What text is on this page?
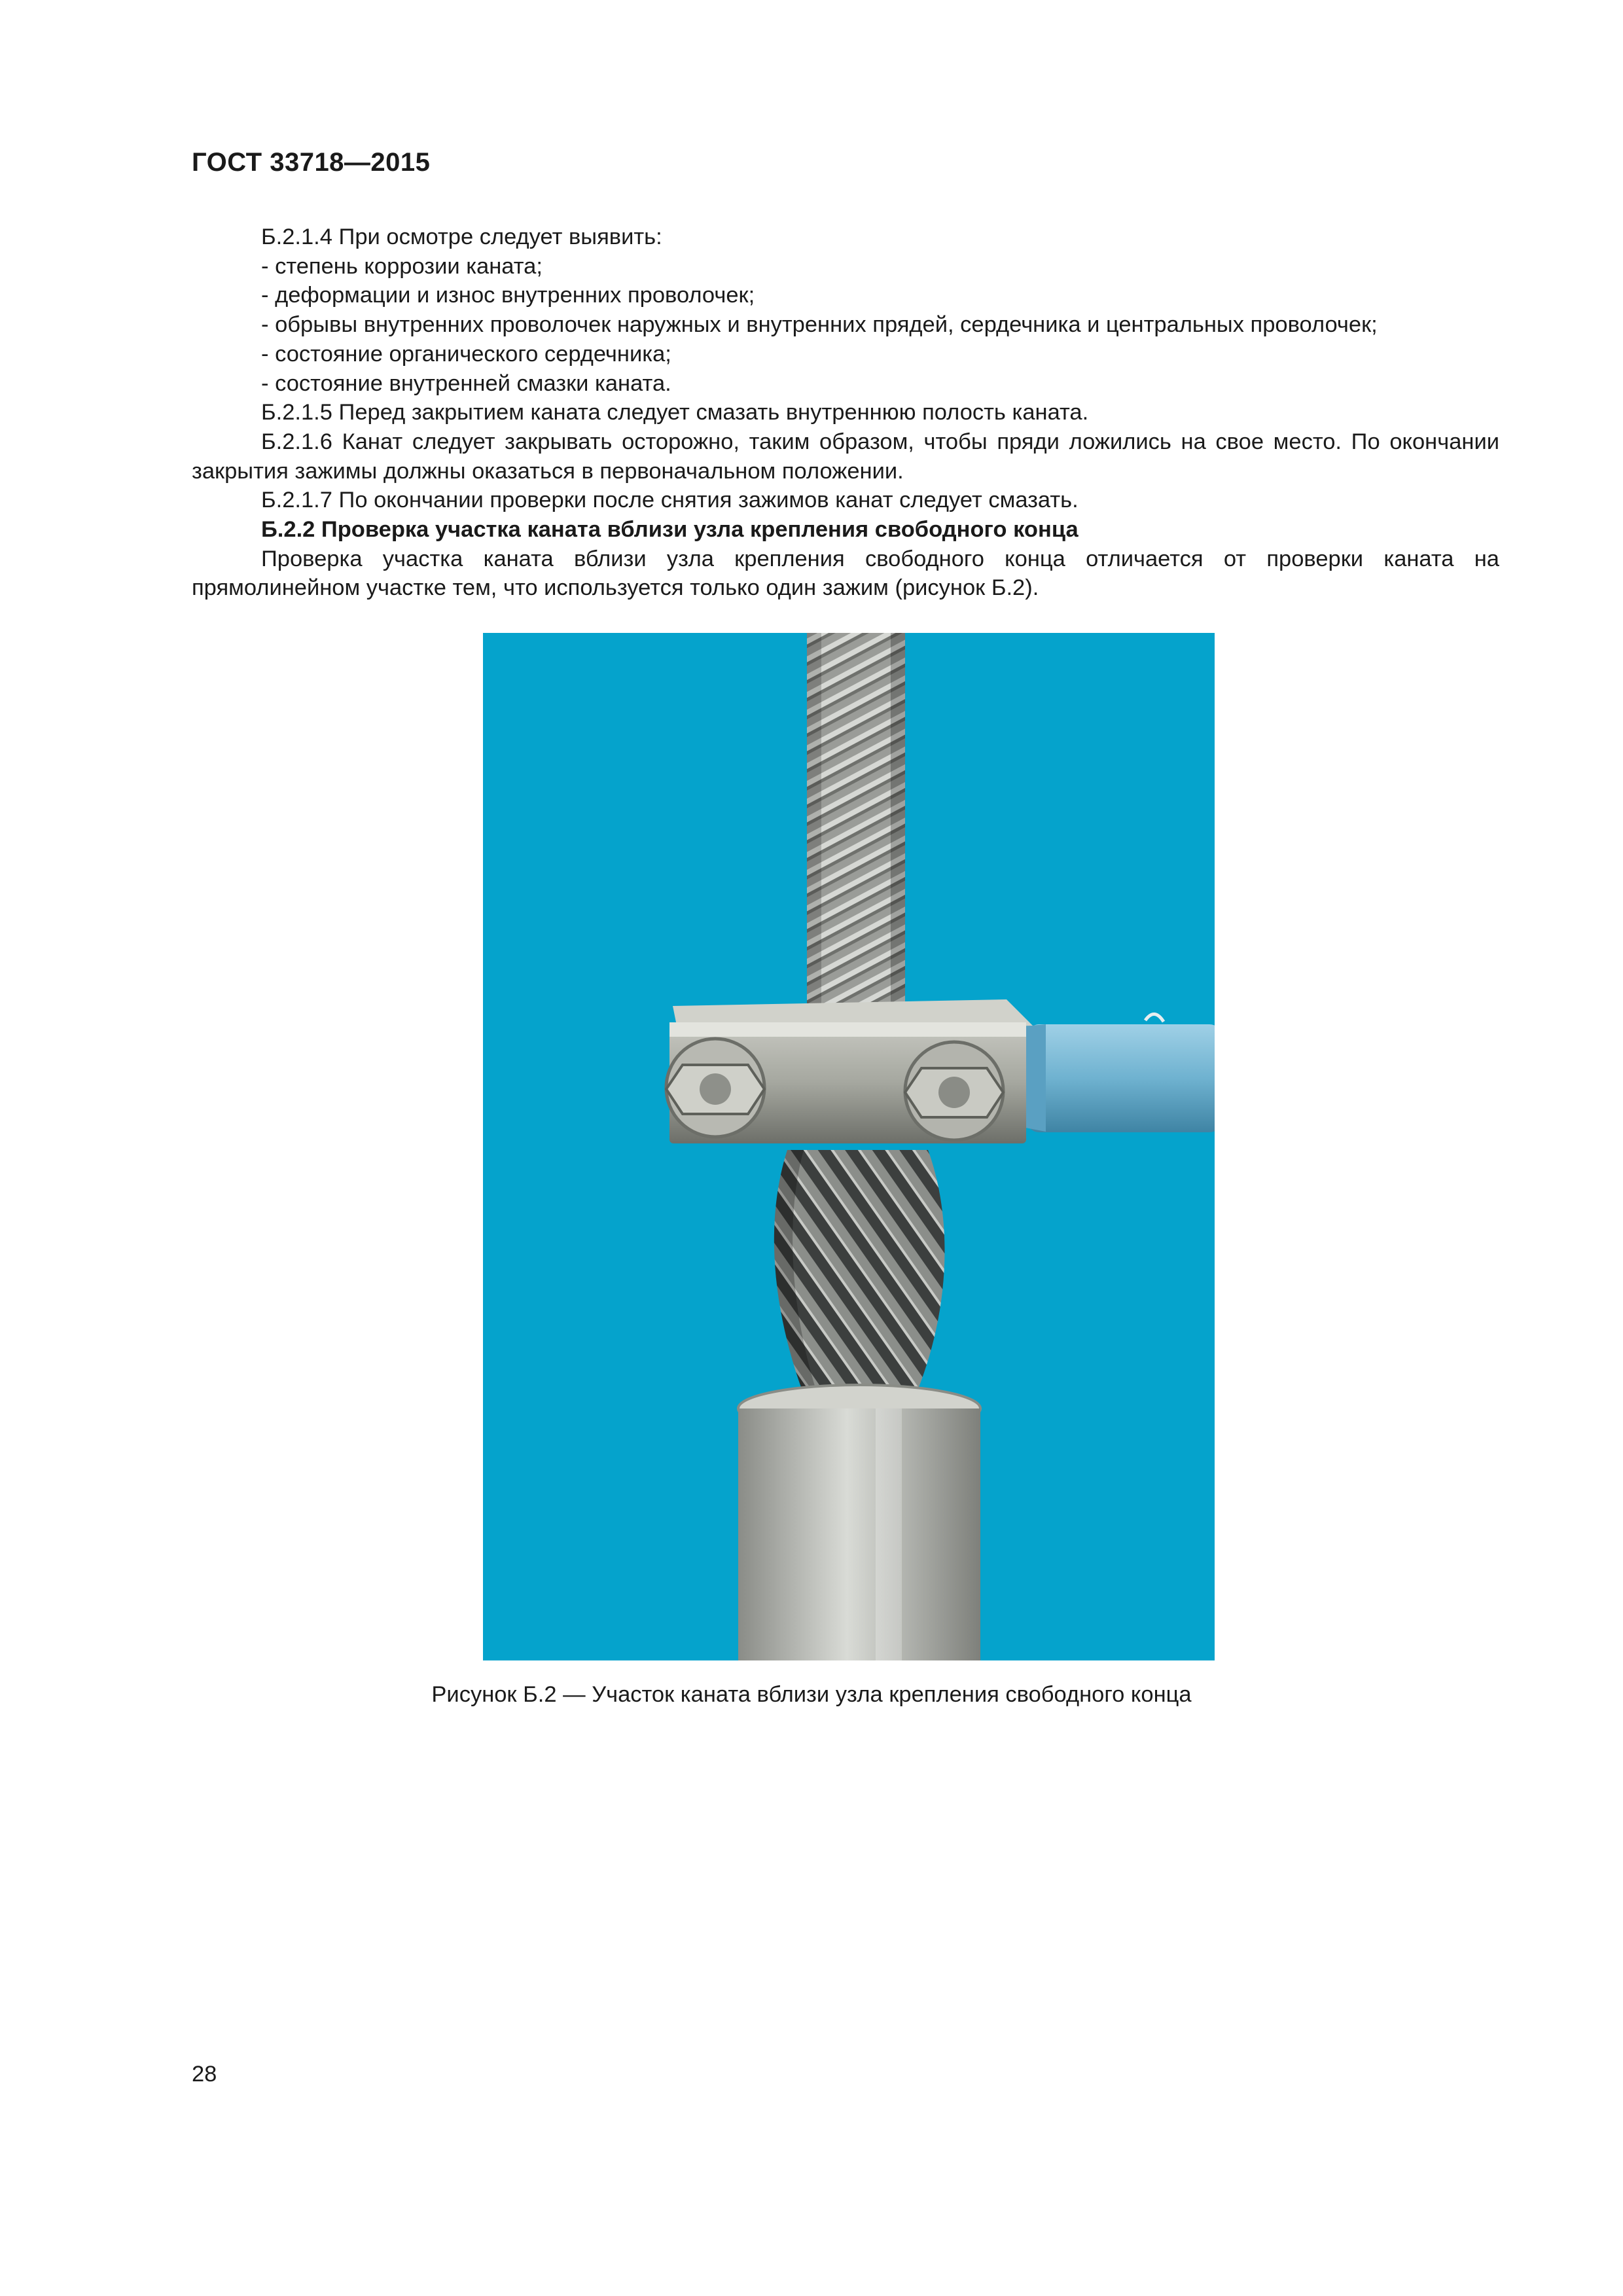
ГОСТ 33718—2015

Б.2.1.4 При осмотре следует выявить:

- степень коррозии каната;

- деформации и износ внутренних проволочек;

- обрывы внутренних проволочек наружных и внутренних прядей, сердечника и центральных проволочек;

- состояние органического сердечника;

- состояние внутренней смазки каната.

Б.2.1.5 Перед закрытием каната следует смазать внутреннюю полость каната.

Б.2.1.6 Канат следует закрывать осторожно, таким образом, чтобы пряди ложились на свое место. По окончании закрытия зажимы должны оказаться в первоначальном положении.

Б.2.1.7 По окончании проверки после снятия зажимов канат следует смазать.

Б.2.2 Проверка участка каната вблизи узла крепления свободного конца

Проверка участка каната вблизи узла крепления свободного конца отличается от проверки каната на прямолинейном участке тем, что используется только один зажим (рисунок Б.2).

Рисунок Б.2 — Участок каната вблизи узла крепления свободного конца
28
